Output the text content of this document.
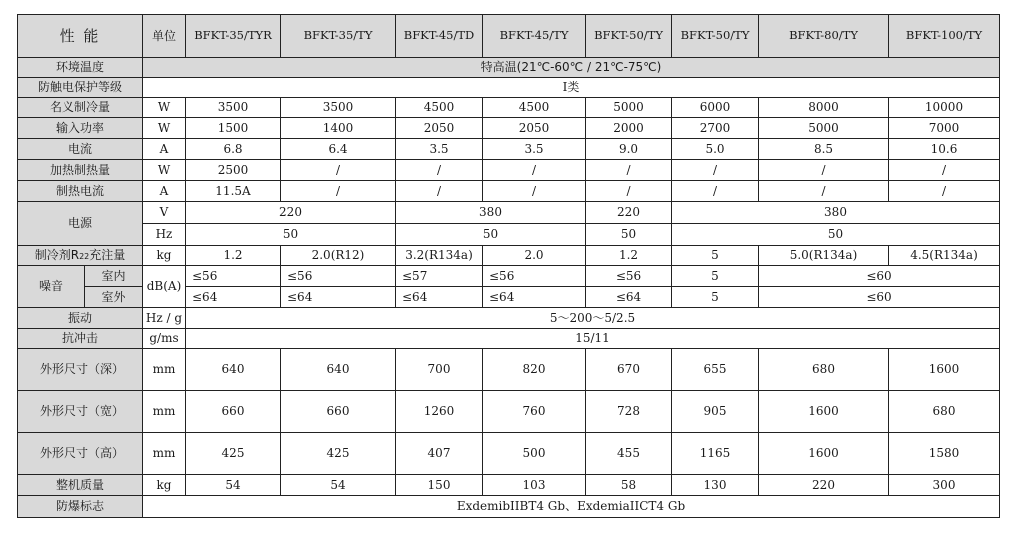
性 能		单位	BFKT-35/TYR	BFKT-35/TY	BFKT-45/TD	BFKT-45/TY	BFKT-50/TY	BFKT-50/TY	BFKT-80/TY	BFKT-100/TY
环境温度		特高温(21℃-60℃ / 21℃-75℃)								
防触电保护等级		I类								
名义制冷量		W	3500	3500	4500	4500	5000	6000	8000	10000
输入功率		W	1500	1400	2050	2050	2000	2700	5000	7000
电流		A	6.8	6.4	3.5	3.5	9.0	5.0	8.5	10.6
加热制热量		W	2500	/	/	/	/	/	/	/
制热电流		A	11.5A	/	/	/	/	/	/	/
电源		V	220		380		220	380		
		Hz	50		50		50	50		
制冷剂R22充注量		kg	1.2	2.0(R12)	3.2(R134a)	2.0	1.2	5	5.0(R134a)	4.5(R134a)
噪音	室内	dB(A)	≤56	≤56	≤57	≤56	≤56	5	≤60	
	室外		≤64	≤64	≤64	≤64	≤64	5	≤60	
振动		Hz / g	5～200～5/2.5							
抗冲击		g/ms	15/11							
外形尺寸（深）		mm	640	640	700	820	670	655	680	1600
外形尺寸（宽）		mm	660	660	1260	760	728	905	1600	680
外形尺寸（高）		mm	425	425	407	500	455	1165	1600	1580
整机质量		kg	54	54	150	103	58	130	220	300
防爆标志		ExdemibIIBT4 Gb、ExdemiaIICT4 Gb								
